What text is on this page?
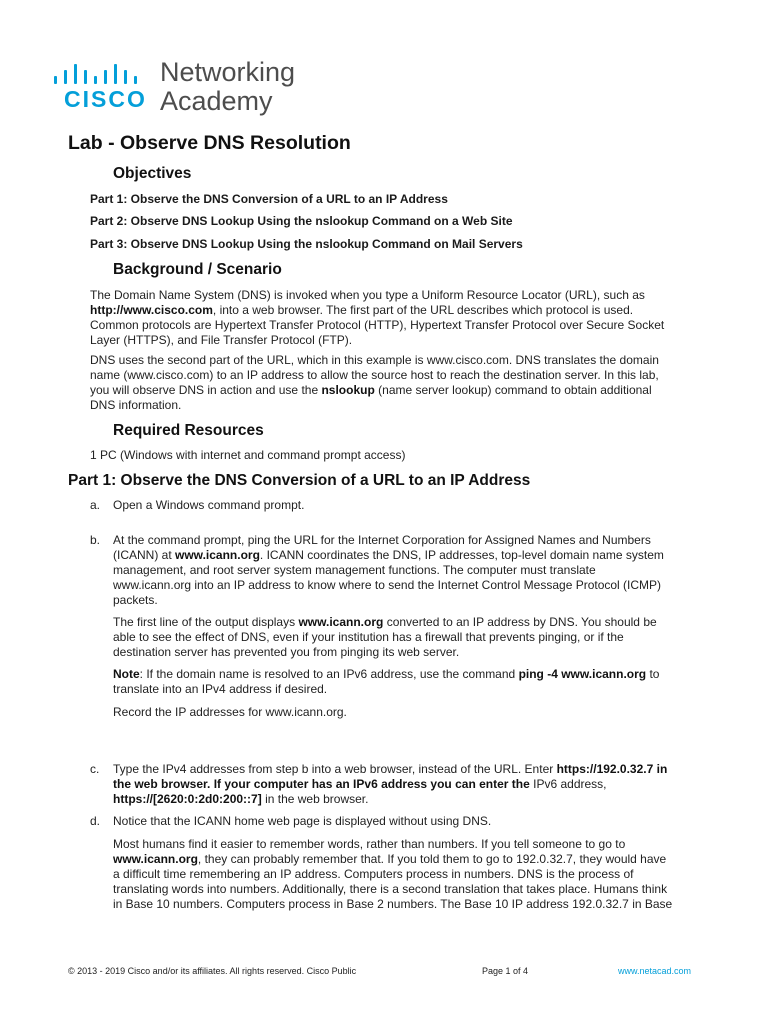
CISCO
Networking
Academy
Lab - Observe DNS Resolution
Objectives
Part 1: Observe the DNS Conversion of a URL to an IP Address
Part 2: Observe DNS Lookup Using the nslookup Command on a Web Site
Part 3: Observe DNS Lookup Using the nslookup Command on Mail Servers
Background / Scenario
The Domain Name System (DNS) is invoked when you type a Uniform Resource Locator (URL), such as
http://www.cisco.com, into a web browser. The first part of the URL describes which protocol is used.
Common protocols are Hypertext Transfer Protocol (HTTP), Hypertext Transfer Protocol over Secure Socket
Layer (HTTPS), and File Transfer Protocol (FTP).
DNS uses the second part of the URL, which in this example is www.cisco.com. DNS translates the domain
name (www.cisco.com) to an IP address to allow the source host to reach the destination server. In this lab,
you will observe DNS in action and use the nslookup (name server lookup) command to obtain additional
DNS information.
Required Resources
1 PC (Windows with internet and command prompt access)
Part 1: Observe the DNS Conversion of a URL to an IP Address
a.	Open a Windows command prompt.
b.	At the command prompt, ping the URL for the Internet Corporation for Assigned Names and Numbers
(ICANN) at www.icann.org. ICANN coordinates the DNS, IP addresses, top-level domain name system
management, and root server system management functions. The computer must translate
www.icann.org into an IP address to know where to send the Internet Control Message Protocol (ICMP)
packets.
The first line of the output displays www.icann.org converted to an IP address by DNS. You should be
able to see the effect of DNS, even if your institution has a firewall that prevents pinging, or if the
destination server has prevented you from pinging its web server.
Note: If the domain name is resolved to an IPv6 address, use the command ping -4 www.icann.org to
translate into an IPv4 address if desired.
Record the IP addresses for www.icann.org.
c.	Type the IPv4 addresses from step b into a web browser, instead of the URL. Enter https://192.0.32.7 in
the web browser. If your computer has an IPv6 address you can enter the IPv6 address,
https://[2620:0:2d0:200::7] in the web browser.
d.	Notice that the ICANN home web page is displayed without using DNS.
Most humans find it easier to remember words, rather than numbers. If you tell someone to go to
www.icann.org, they can probably remember that. If you told them to go to 192.0.32.7, they would have
a difficult time remembering an IP address. Computers process in numbers. DNS is the process of
translating words into numbers. Additionally, there is a second translation that takes place. Humans think
in Base 10 numbers. Computers process in Base 2 numbers. The Base 10 IP address 192.0.32.7 in Base
© 2013 - 2019 Cisco and/or its affiliates. All rights reserved. Cisco Public	Page 1 of 4	www.netacad.com
